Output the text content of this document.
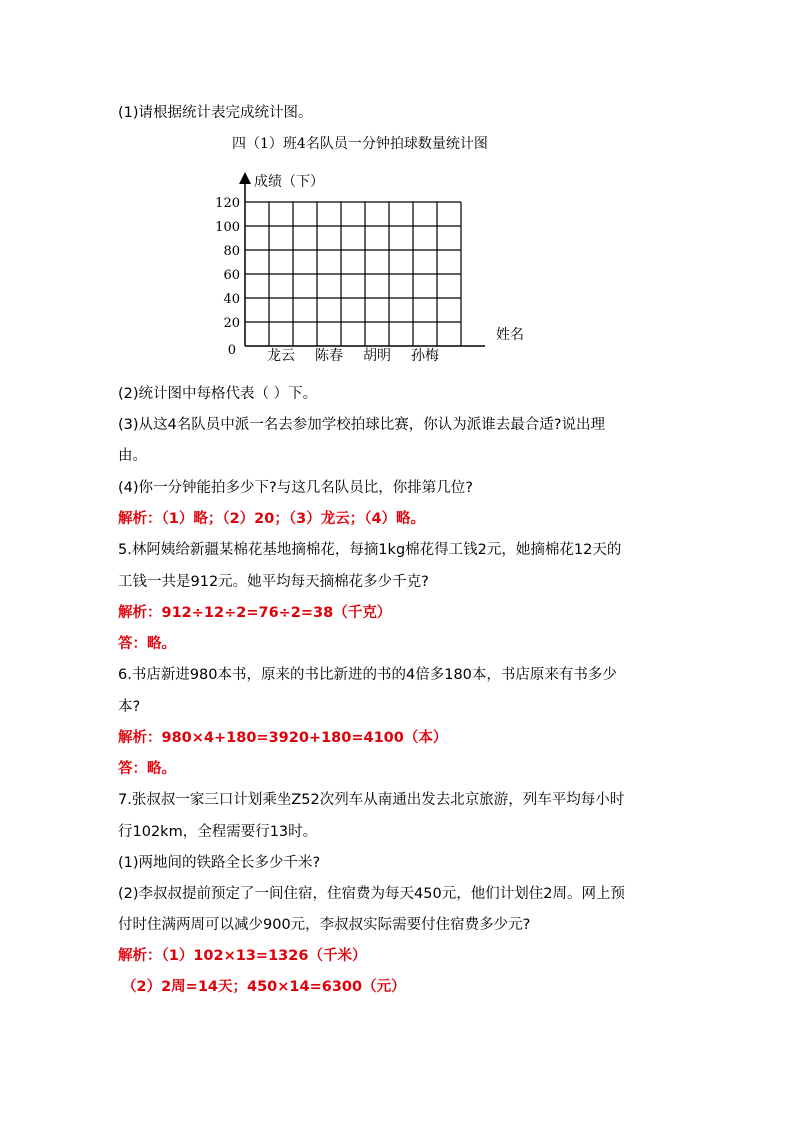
(1)请根据统计表完成统计图。
四（1）班4名队员一分钟拍球数量统计图
成绩（下）
姓名
0
20
40
60
80
100
120
龙云 陈春 胡明 孙梅
(2)统计图中每格代表（ ）下。
(3)从这4名队员中派一名去参加学校拍球比赛，你认为派谁去最合适?说出理
由。
(4)你一分钟能拍多少下?与这几名队员比，你排第几位?
解析：（1）略；（2）20；（3）龙云；（4）略。
5.林阿姨给新疆某棉花基地摘棉花，每摘1kg棉花得工钱2元，她摘棉花12天的
工钱一共是912元。她平均每天摘棉花多少千克?
解析：912÷12÷2=76÷2=38（千克）
答：略。
6.书店新进980本书，原来的书比新进的书的4倍多180本，书店原来有书多少
本?
解析：980×4+180=3920+180=4100（本）
答：略。
7.张叔叔一家三口计划乘坐Z52次列车从南通出发去北京旅游，列车平均每小时
行102km，全程需要行13时。
(1)两地间的铁路全长多少千米?
(2)李叔叔提前预定了一间住宿，住宿费为每天450元，他们计划住2周。网上预
付时住满两周可以减少900元，李叔叔实际需要付住宿费多少元?
解析：（1）102×13=1326（千米）
（2）2周=14天；450×14=6300（元）
